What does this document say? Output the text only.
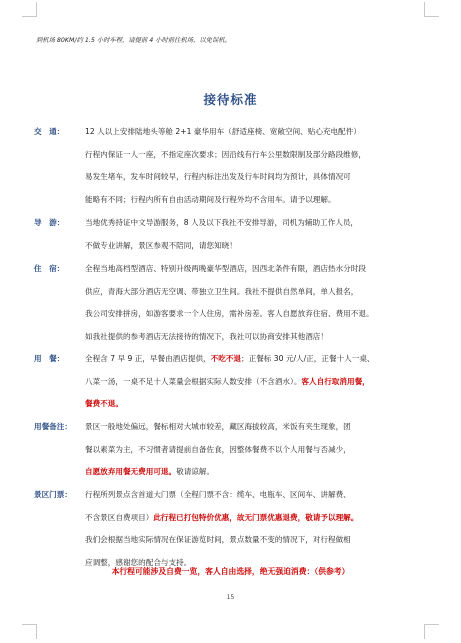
到机场 80KM/约 1.5 小时车程，请提前 4 小时前往机场，以免误机。
接待标准
交　通：	12 人以上安排陆地头等舱 2+1 豪华用车（舒适座椅、宽敞空间、贴心充电配件）
行程内保证一人一座，不指定座次要求；因沿线有行车公里数限制及部分路段维修，
易发生堵车，发车时间较早，行程内标注出发及行车时间均为预计，具体情况可
能略有不同；行程内所有自由活动期间及行程外均不含用车。请予以理解。
导　游：	当地优秀持证中文导游服务，8 人及以下我社不安排导游，司机为辅助工作人员，
不做专业讲解，景区参观不陪同，请您知晓！
住　宿：	全程当地高档型酒店、特别升级两晚豪华型酒店，因西北条件有限，酒店热水分时段
供应，青海大部分酒店无空调、带独立卫生间。我社不提供自然单间，单人报名，
我公司安排拼房，如游客要求一个人住房，需补房差。客人自愿放弃住宿、费用不退。
如我社提供的参考酒店无法接待的情况下，我社可以协商安排其他酒店！
用　餐：	全程含 7 早 9 正，早餐由酒店提供，不吃不退；正餐标 30 元/人/正，正餐十人一桌、
八菜一汤，一桌不足十人菜量会根据实际人数安排（不含酒水）。客人自行取消用餐，
餐费不退。
用餐备注： 景区一般地处偏远，餐标相对大城市较差，藏区海拔较高，米饭有夹生现象，团
餐以素菜为主，不习惯者请提前自备佐食，因整体餐费不以个人用餐与否减少，
自愿放弃用餐无费用可退。敬请谅解。
景区门票： 行程所列景点含首道大门票（全程门票不含：缆车、电瓶车、区间车、讲解费、
不含景区自费项目）此行程已打包特价优惠，故无门票优惠退费，敬请予以理解。
我们会根据当地实际情况在保证游览时间，景点数量不变的情况下，对行程做相
应调整，感谢您的配合与支持。
本行程可能涉及自费一览，客人自由选择，绝无强迫消费：（供参考）
15
